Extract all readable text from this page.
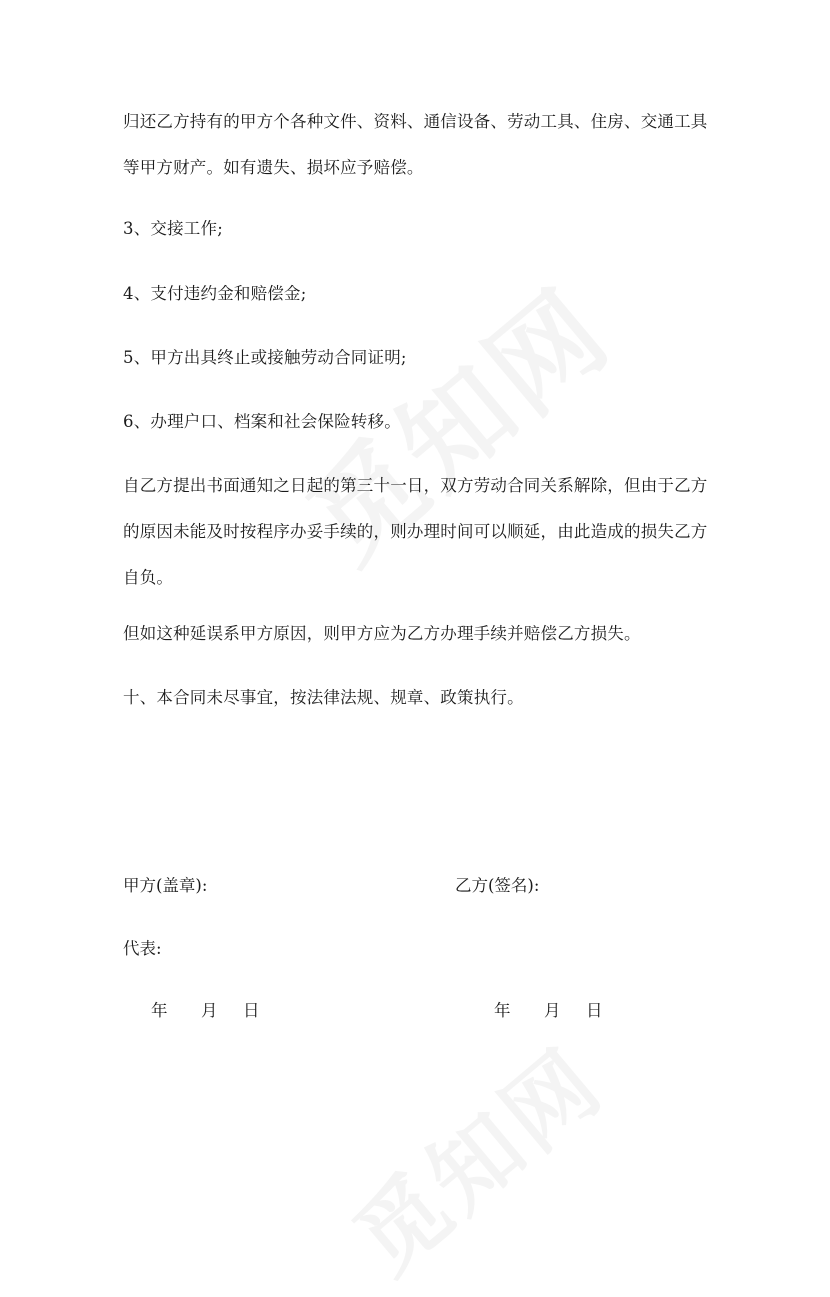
归还乙方持有的甲方个各种文件、资料、通信设备、劳动工具、住房、交通工具等甲方财产。如有遗失、损坏应予赔偿。

3、交接工作;

4、支付违约金和赔偿金;

5、甲方出具终止或接触劳动合同证明;

6、办理户口、档案和社会保险转移。

自乙方提出书面通知之日起的第三十一日，双方劳动合同关系解除，但由于乙方的原因未能及时按程序办妥手续的，则办理时间可以顺延，由此造成的损失乙方自负。

但如这种延误系甲方原因，则甲方应为乙方办理手续并赔偿乙方损失。

十、本合同未尽事宜，按法律法规、规章、政策执行。

甲方(盖章):	乙方(签名):

代表:

年	月	日	年	月	日
